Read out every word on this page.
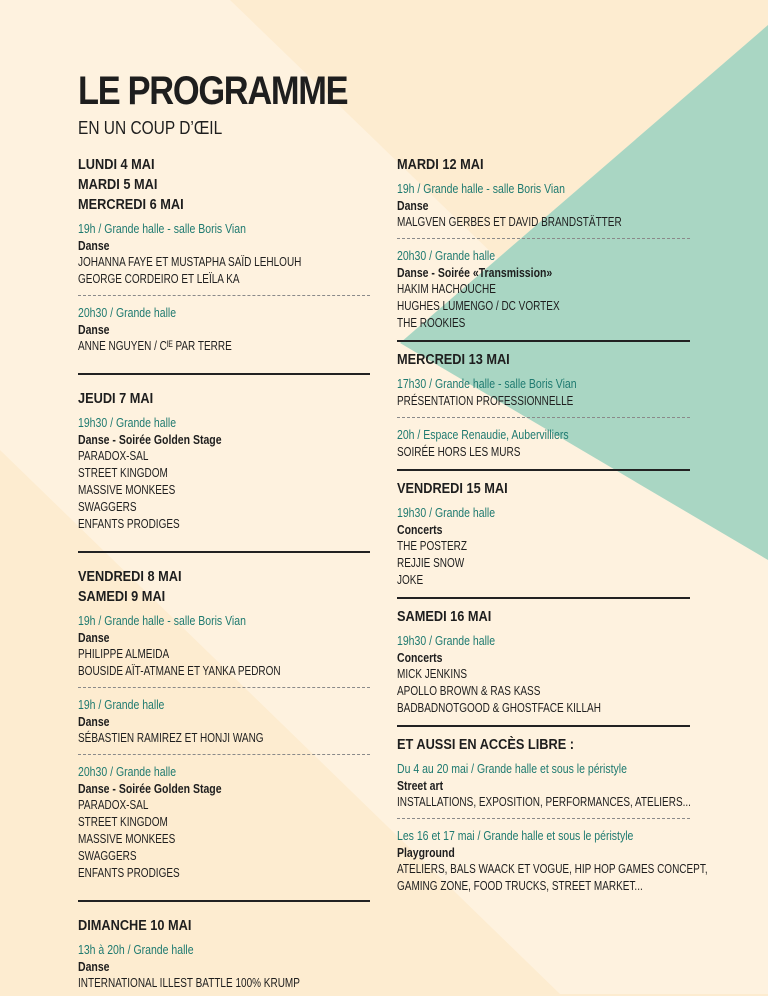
LE PROGRAMME
EN UN COUP D’ŒIL
LUNDI 4 MAI
MARDI 5 MAI
MERCREDI 6 MAI
19h / Grande halle - salle Boris Vian
Danse
JOHANNA FAYE ET MUSTAPHA SAÏD LEHLOUH
GEORGE CORDEIRO ET LEÏLA KA
20h30 / Grande halle
Danse
ANNE NGUYEN / Cᴵᴱ PAR TERRE
JEUDI 7 MAI
19h30 / Grande halle
Danse - Soirée Golden Stage
PARADOX-SAL
STREET KINGDOM
MASSIVE MONKEES
SWAGGERS
ENFANTS PRODIGES
VENDREDI 8 MAI
SAMEDI 9 MAI
19h / Grande halle - salle Boris Vian
Danse
PHILIPPE ALMEIDA
BOUSIDE AÏT-ATMANE ET YANKA PEDRON
19h / Grande halle
Danse
SÉBASTIEN RAMIREZ ET HONJI WANG
20h30 / Grande halle
Danse - Soirée Golden Stage
PARADOX-SAL
STREET KINGDOM
MASSIVE MONKEES
SWAGGERS
ENFANTS PRODIGES
DIMANCHE 10 MAI
13h à 20h / Grande halle
Danse
INTERNATIONAL ILLEST BATTLE 100% KRUMP
MARDI 12 MAI
19h / Grande halle - salle Boris Vian
Danse
MALGVEN GERBES ET DAVID BRANDSTÄTTER
20h30 / Grande halle
Danse - Soirée «Transmission»
HAKIM HACHOUCHE
HUGHES LUMENGO / DC VORTEX
THE ROOKIES
MERCREDI 13 MAI
17h30 / Grande halle - salle Boris Vian
PRÉSENTATION PROFESSIONNELLE
20h / Espace Renaudie, Aubervilliers
SOIRÉE HORS LES MURS
VENDREDI 15 MAI
19h30 / Grande halle
Concerts
THE POSTERZ
REJJIE SNOW
JOKE
SAMEDI 16 MAI
19h30 / Grande halle
Concerts
MICK JENKINS
APOLLO BROWN & RAS KASS
BADBADNOTGOOD & GHOSTFACE KILLAH
ET AUSSI EN ACCÈS LIBRE :
Du 4 au 20 mai / Grande halle et sous le péristyle
Street art
INSTALLATIONS, EXPOSITION, PERFORMANCES, ATELIERS...
Les 16 et 17 mai / Grande halle et sous le péristyle
Playground
ATELIERS, BALS WAACK ET VOGUE, HIP HOP GAMES CONCEPT,
GAMING ZONE, FOOD TRUCKS, STREET MARKET...
